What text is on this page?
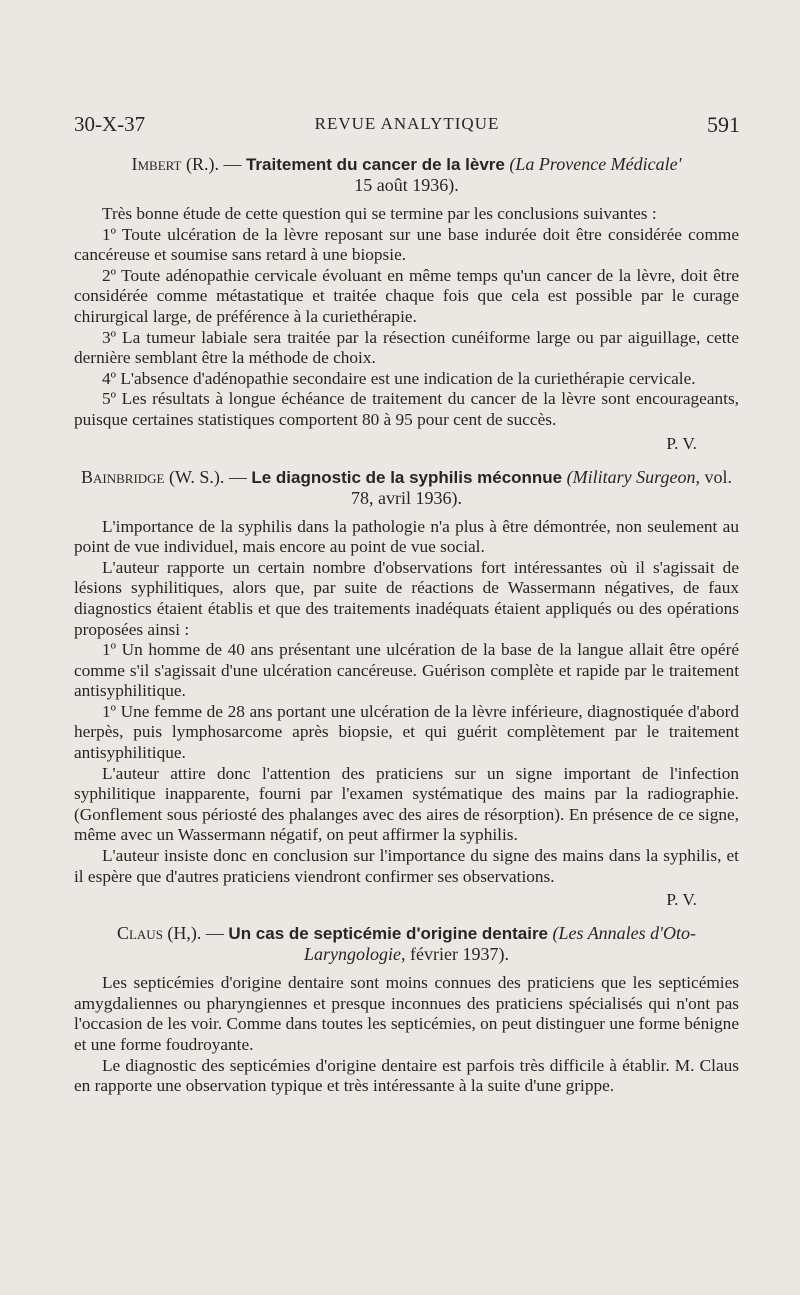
30-X-37	REVUE ANALYTIQUE	591
Imbert (R.). — Traitement du cancer de la lèvre (La Provence Médicale'
15 août 1936).

Très bonne étude de cette question qui se termine par les conclusions suivantes :

1º Toute ulcération de la lèvre reposant sur une base indurée doit être considérée comme cancéreuse et soumise sans retard à une biopsie.

2º Toute adénopathie cervicale évoluant en même temps qu'un cancer de la lèvre, doit être considérée comme métastatique et traitée chaque fois que cela est possible par le curage chirurgical large, de préférence à la curiethérapie.

3º La tumeur labiale sera traitée par la résection cunéiforme large ou par aiguillage, cette dernière semblant être la méthode de choix.

4º L'absence d'adénopathie secondaire est une indication de la curiethérapie cervicale.

5º Les résultats à longue échéance de traitement du cancer de la lèvre sont encourageants, puisque certaines statistiques comportent 80 à 95 pour cent de succès.

P. V.
Bainbridge (W. S.). — Le diagnostic de la syphilis méconnue (Military Surgeon, vol. 78, avril 1936).

L'importance de la syphilis dans la pathologie n'a plus à être démontrée, non seulement au point de vue individuel, mais encore au point de vue social.

L'auteur rapporte un certain nombre d'observations fort intéressantes où il s'agissait de lésions syphilitiques, alors que, par suite de réactions de Wassermann négatives, de faux diagnostics étaient établis et que des traitements inadéquats étaient appliqués ou des opérations proposées ainsi :

1º Un homme de 40 ans présentant une ulcération de la base de la langue allait être opéré comme s'il s'agissait d'une ulcération cancéreuse. Guérison complète et rapide par le traitement antisyphilitique.

1º Une femme de 28 ans portant une ulcération de la lèvre inférieure, diagnostiquée d'abord herpès, puis lymphosarcome après biopsie, et qui guérit complètement par le traitement antisyphilitique.

L'auteur attire donc l'attention des praticiens sur un signe important de l'infection syphilitique inapparente, fourni par l'examen systématique des mains par la radiographie. (Gonflement sous périosté des phalanges avec des aires de résorption). En présence de ce signe, même avec un Wassermann négatif, on peut affirmer la syphilis.

L'auteur insiste donc en conclusion sur l'importance du signe des mains dans la syphilis, et il espère que d'autres praticiens viendront confirmer ses observations.

P. V.
Claus (H,). — Un cas de septicémie d'origine dentaire (Les Annales d'Oto-Laryngologie, février 1937).

Les septicémies d'origine dentaire sont moins connues des praticiens que les septicémies amygdaliennes ou pharyngiennes et presque inconnues des praticiens spécialisés qui n'ont pas l'occasion de les voir. Comme dans toutes les septicémies, on peut distinguer une forme bénigne et une forme foudroyante.

Le diagnostic des septicémies d'origine dentaire est parfois très difficile à établir. M. Claus en rapporte une observation typique et très intéressante à la suite d'une grippe.
